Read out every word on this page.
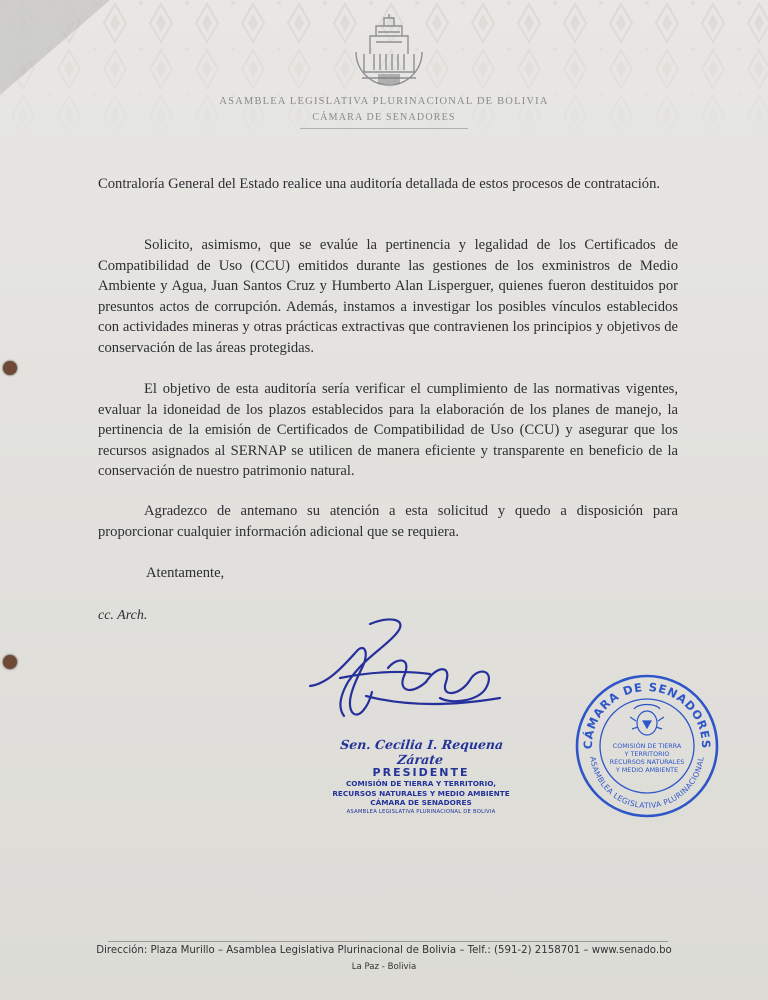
ASAMBLEA LEGISLATIVA PLURINACIONAL DE BOLIVIA
CÁMARA DE SENADORES
Contraloría General del Estado realice una auditoría detallada de estos procesos de contratación.
Solicito, asimismo, que se evalúe la pertinencia y legalidad de los Certificados de Compatibilidad de Uso (CCU) emitidos durante las gestiones de los exministros de Medio Ambiente y Agua, Juan Santos Cruz y Humberto Alan Lisperguer, quienes fueron destituidos por presuntos actos de corrupción. Además, instamos a investigar los posibles vínculos establecidos con actividades mineras y otras prácticas extractivas que contravienen los principios y objetivos de conservación de las áreas protegidas.
El objetivo de esta auditoría sería verificar el cumplimiento de las normativas vigentes, evaluar la idoneidad de los plazos establecidos para la elaboración de los planes de manejo, la pertinencia de la emisión de Certificados de Compatibilidad de Uso (CCU) y asegurar que los recursos asignados al SERNAP se utilicen de manera eficiente y transparente en beneficio de la conservación de nuestro patrimonio natural.
Agradezco de antemano su atención a esta solicitud y quedo a disposición para proporcionar cualquier información adicional que se requiera.
Atentamente,
cc. Arch.
Sen. Cecilia I. Requena Zárate
PRESIDENTE
COMISIÓN DE TIERRA Y TERRITORIO,
RECURSOS NATURALES Y MEDIO AMBIENTE
CÁMARA DE SENADORES
ASAMBLEA LEGISLATIVA PLURINACIONAL DE BOLIVIA
CÁMARA DE SENADORES
ASAMBLEA LEGISLATIVA PLURINACIONAL
COMISIÓN DE TIERRA
Y TERRITORIO
RECURSOS NATURALES
Y MEDIO AMBIENTE
Dirección: Plaza Murillo – Asamblea Legislativa Plurinacional de Bolivia – Telf.: (591-2) 2158701 – www.senado.bo
La Paz - Bolivia
